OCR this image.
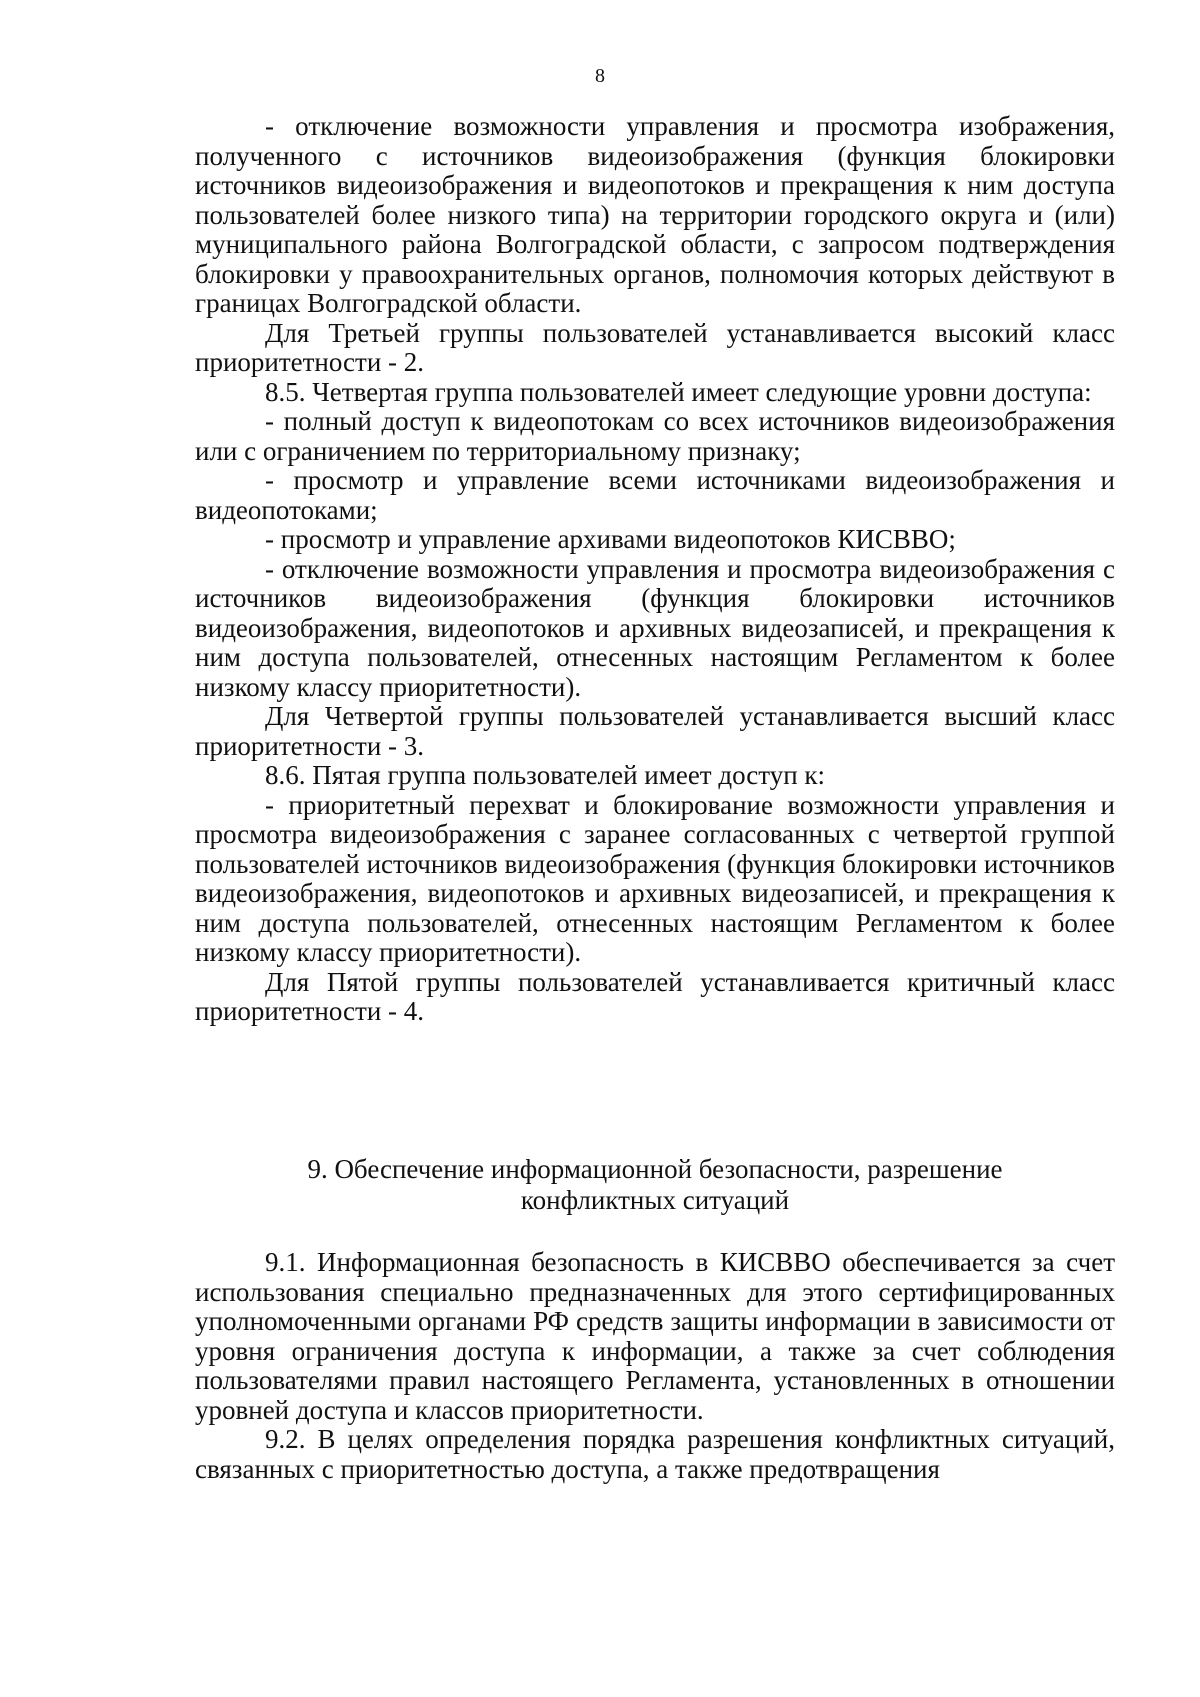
8

- отключение возможности управления и просмотра изображения, полученного с источников видеоизображения (функция блокировки источников видеоизображения и видеопотоков и прекращения к ним доступа пользователей более низкого типа) на территории городского округа и (или) муниципального района Волгоградской области, с запросом подтверждения блокировки у правоохранительных органов, полномочия которых действуют в границах Волгоградской области.

Для Третьей группы пользователей устанавливается высокий класс приоритетности - 2.

8.5. Четвертая группа пользователей имеет следующие уровни доступа:

- полный доступ к видеопотокам со всех источников видеоизображения или с ограничением по территориальному признаку;

- просмотр и управление всеми источниками видеоизображения и видеопотоками;

- просмотр и управление архивами видеопотоков КИСВВО;

- отключение возможности управления и просмотра видеоизображения с источников видеоизображения (функция блокировки источников видеоизображения, видеопотоков и архивных видеозаписей, и прекращения к ним доступа пользователей, отнесенных настоящим Регламентом к более низкому классу приоритетности).

Для Четвертой группы пользователей устанавливается высший класс приоритетности - 3.

8.6. Пятая группа пользователей имеет доступ к:

- приоритетный перехват и блокирование возможности управления и просмотра видеоизображения с заранее согласованных с четвертой группой пользователей источников видеоизображения (функция блокировки источников видеоизображения, видеопотоков и архивных видеозаписей, и прекращения к ним доступа пользователей, отнесенных настоящим Регламентом к более низкому классу приоритетности).

Для Пятой группы пользователей устанавливается критичный класс приоритетности - 4.

9. Обеспечение информационной безопасности, разрешение
конфликтных ситуаций

9.1. Информационная безопасность в КИСВВО обеспечивается за счет использования специально предназначенных для этого сертифицированных уполномоченными органами РФ средств защиты информации в зависимости от уровня ограничения доступа к информации, а также за счет соблюдения пользователями правил настоящего Регламента, установленных в отношении уровней доступа и классов приоритетности.

9.2. В целях определения порядка разрешения конфликтных ситуаций, связанных с приоритетностью доступа, а также предотвращения
